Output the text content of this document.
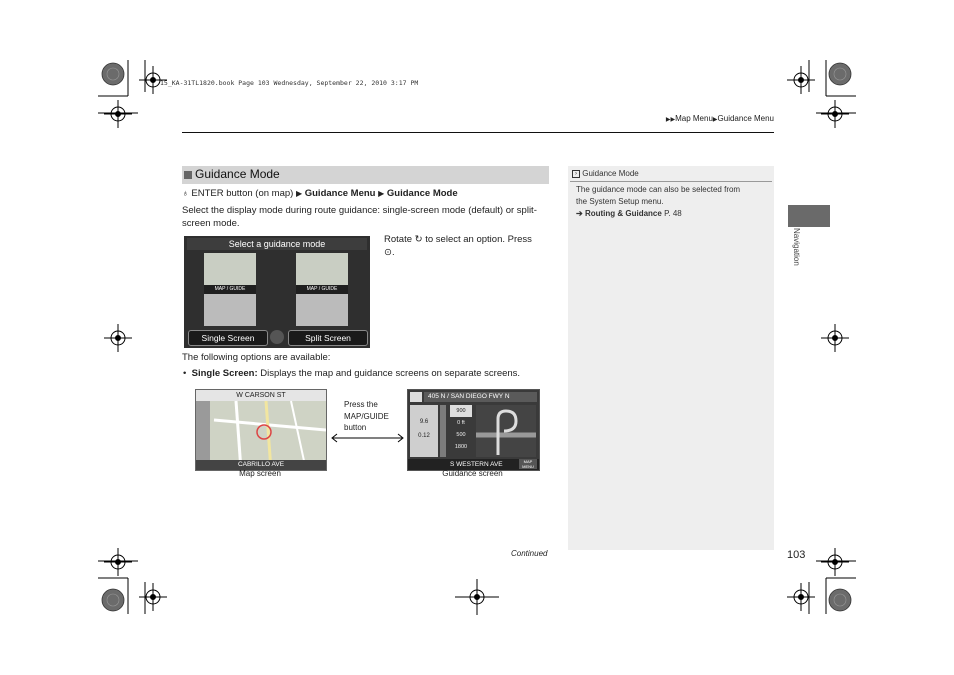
15_KA-31TL1820.book Page 103 Wednesday, September 22, 2010 3:17 PM
▶▶Map Menu▶Guidance Menu
Navigation
› Guidance Mode
The guidance mode can also be selected from
the System Setup menu.
➔ Routing & Guidance P. 48
Guidance Mode
♁ ENTER button (on map) ▶ Guidance Menu ▶ Guidance Mode
Select the display mode during route guidance: single-screen mode (default) or split-
screen mode.
Select a guidance mode
MAP / GUIDE	MAP / GUIDE
Single Screen	Split Screen
Rotate ↻ to select an option. Press
⊙.
The following options are available:
• Single Screen: Displays the map and guidance screens on separate screens.
W CARSON ST
CABRILLO AVE
Map screen
Press the
MAP/GUIDE
button
405 N / SAN DIEGO FWY N
9.6
0.12
900
0 ft
500
1800
S WESTERN AVE	MAP MENU
Guidance screen
Continued	103
